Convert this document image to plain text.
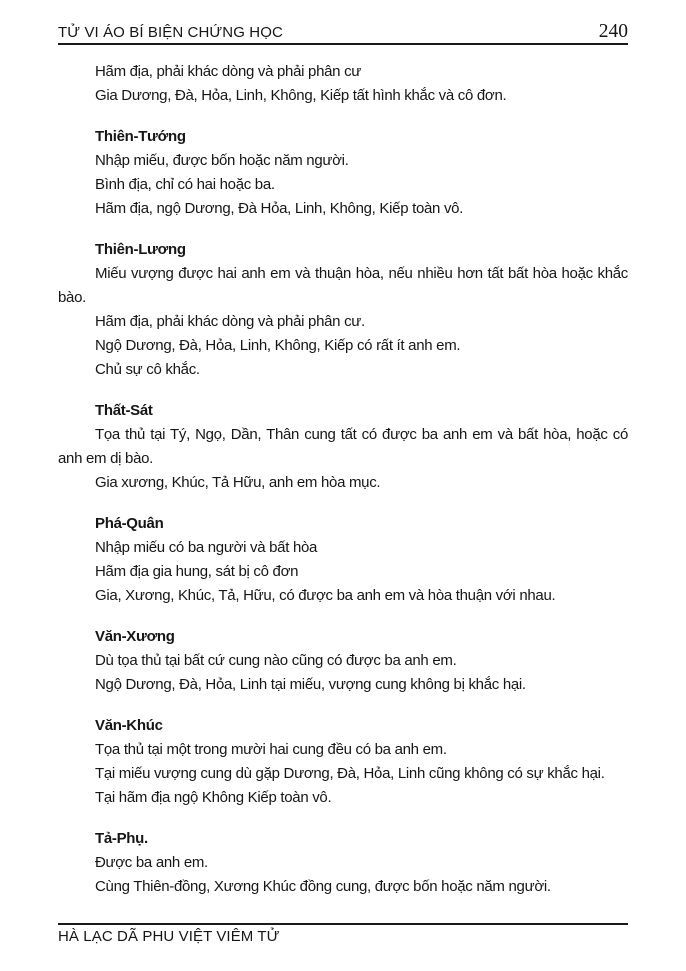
TỬ VI ÁO BÍ BIỆN CHỨNG HỌC	240

Hãm địa, phải khác dòng và phải phân cư

Gia Dương, Đà, Hỏa, Linh, Không, Kiếp tất hình khắc và cô đơn.

Thiên-Tướng

Nhập miếu, được bốn hoặc năm người.

Bình địa, chỉ có hai hoặc ba.

Hãm địa, ngộ Dương, Đà Hỏa, Linh, Không, Kiếp toàn vô.

Thiên-Lương

Miếu vượng được hai anh em và thuận hòa, nếu nhiều hơn tất bất hòa hoặc khắc bào.

Hãm địa, phải khác dòng và phải phân cư.

Ngộ Dương, Đà, Hỏa, Linh, Không, Kiếp có rất ít anh em.

Chủ sự cô khắc.

Thất-Sát

Tọa thủ tại Tý, Ngọ, Dần, Thân cung tất có được ba anh em và bất hòa, hoặc có anh em dị bào.

Gia xương, Khúc, Tả Hữu, anh em hòa mục.

Phá-Quân

Nhập miếu có ba người và bất hòa

Hãm địa gia hung, sát bị cô đơn

Gia, Xương, Khúc, Tả, Hữu, có được ba anh em và hòa thuận với nhau.

Văn-Xương

Dù tọa thủ tại bất cứ cung nào cũng có được ba anh em.

Ngộ Dương, Đà, Hỏa, Linh tại miếu, vượng cung không bị khắc hại.

Văn-Khúc

Tọa thủ tại một trong mười hai cung đều có ba anh em.

Tại miếu vượng cung dù gặp Dương, Đà, Hỏa, Linh cũng không có sự khắc hại.

Tại hãm địa ngộ Không Kiếp toàn vô.

Tả-Phụ.

Được ba anh em.

Cùng Thiên-đồng, Xương Khúc đồng cung, được bốn hoặc năm người.

HÀ LẠC DÃ PHU VIỆT VIÊM TỬ
